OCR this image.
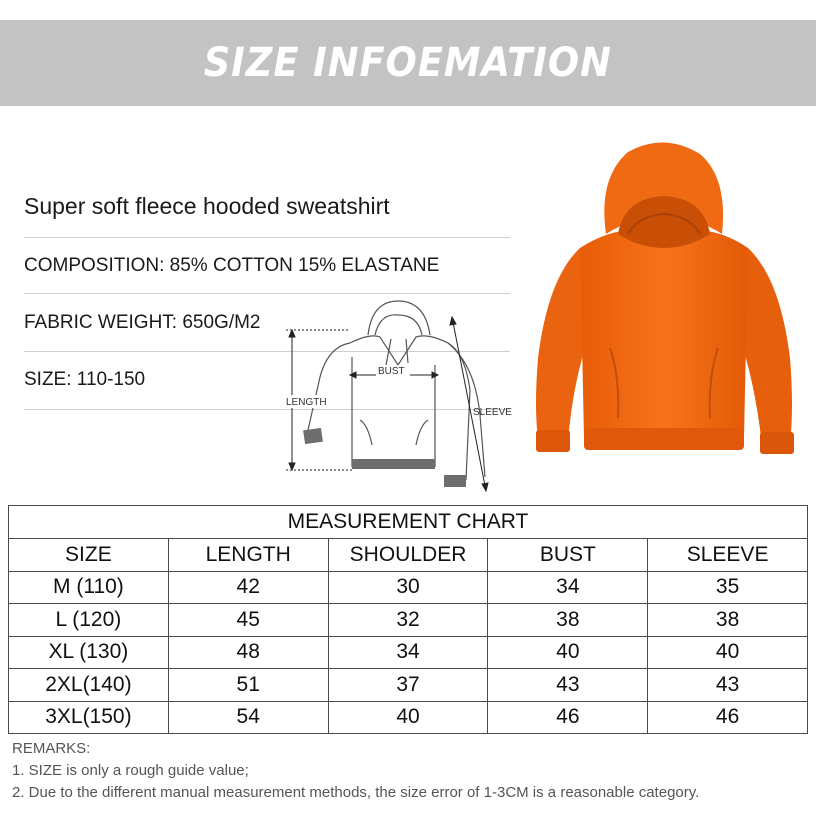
SIZE INFOEMATION
Super soft fleece hooded sweatshirt
COMPOSITION: 85% COTTON 15% ELASTANE
FABRIC WEIGHT: 650G/M2
SIZE: 110-150	BUST
LENGTH
SLEEVE
MEASUREMENT CHART				
SIZE	LENGTH	SHOULDER	BUST	SLEEVE
M (110)	42	30	34	35
L (120)	45	32	38	38
XL (130)	48	34	40	40
2XL(140)	51	37	43	43
3XL(150)	54	40	46	46
REMARKS:
1. SIZE is only a rough guide value;
2. Due to the different manual measurement methods, the size error of 1-3CM is a reasonable category.
